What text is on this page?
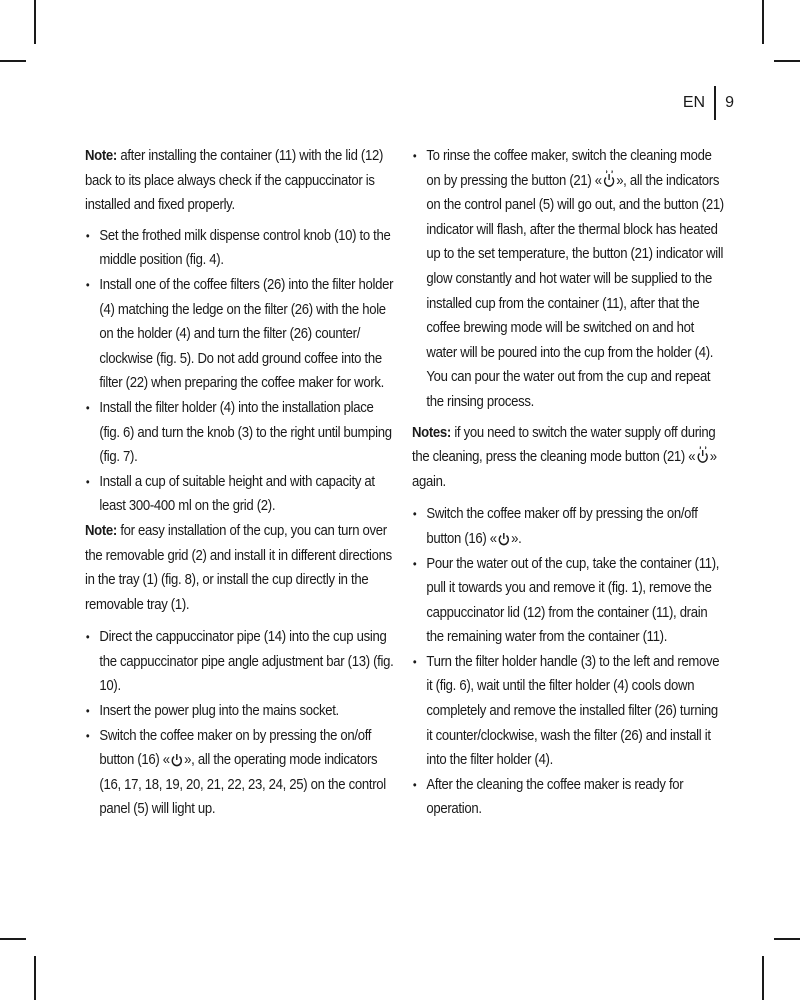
EN 9

Note: after installing the container (11) with the lid (12) back to its place always check if the cappuccinator is installed and fixed properly.

• Set the frothed milk dispense control knob (10) to the middle position (fig. 4).
• Install one of the coffee filters (26) into the filter holder (4) matching the ledge on the filter (26) with the hole on the holder (4) and turn the filter (26) counter/ clockwise (fig. 5). Do not add ground coffee into the filter (22) when preparing the coffee maker for work.
• Install the filter holder (4) into the installation place (fig. 6) and turn the knob (3) to the right until bumping (fig. 7).
• Install a cup of suitable height and with capacity at least 300-400 ml on the grid (2).

Note: for easy installation of the cup, you can turn over the removable grid (2) and install it in different directions in the tray (1) (fig. 8), or install the cup directly in the removable tray (1).

• Direct the cappuccinator pipe (14) into the cup using the cappuccinator pipe angle adjustment bar (13) (fig. 10).
• Insert the power plug into the mains socket.
• Switch the coffee maker on by pressing the on/off button (16) « », all the operating mode indicators (16, 17, 18, 19, 20, 21, 22, 23, 24, 25) on the control panel (5) will light up.
• To rinse the coffee maker, switch the cleaning mode on by pressing the button (21) « », all the indicators on the control panel (5) will go out, and the button (21) indicator will flash, after the thermal block has heated up to the set temperature, the button (21) indicator will glow constantly and hot water will be supplied to the installed cup from the container (11), after that the coffee brewing mode will be switched on and hot water will be poured into the cup from the holder (4). You can pour the water out from the cup and repeat the rinsing process.

Notes: if you need to switch the water supply off during the cleaning, press the cleaning mode button (21) « » again.

• Switch the coffee maker off by pressing the on/off button (16) « ».
• Pour the water out of the cup, take the container (11), pull it towards you and remove it (fig. 1), remove the cappuccinator lid (12) from the container (11), drain the remaining water from the container (11).
• Turn the filter holder handle (3) to the left and remove it (fig. 6), wait until the filter holder (4) cools down completely and remove the installed filter (26) turning it counter/clockwise, wash the filter (26) and install it into the filter holder (4).
• After the cleaning the coffee maker is ready for operation.
